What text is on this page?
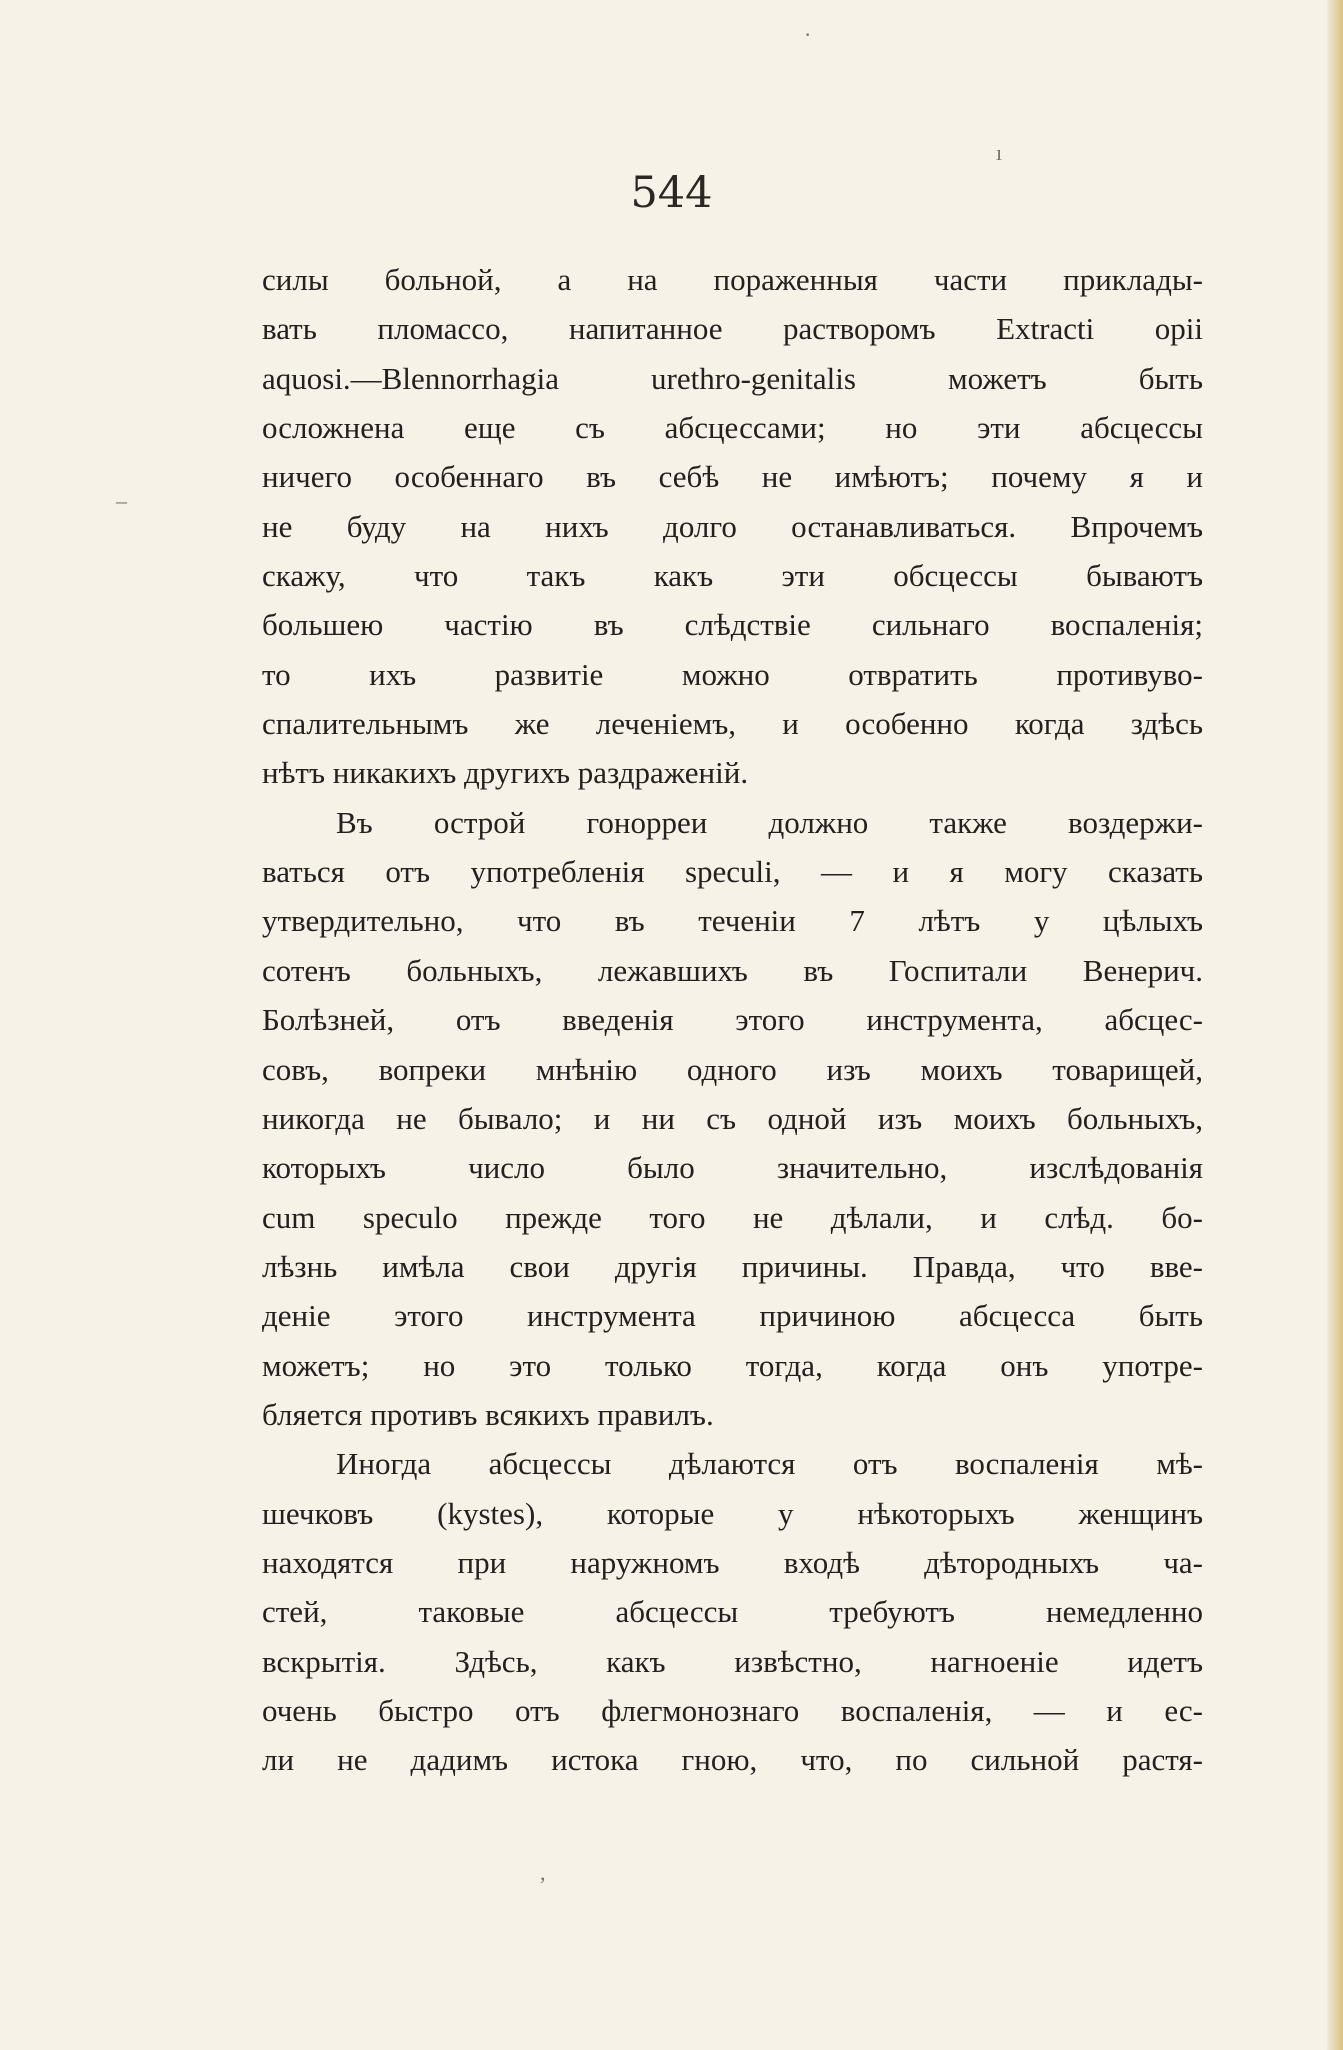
·
‒
ı
,
544
силы больной, а на пораженныя части приклады-
вать пломассо, напитанное растворомъ Extracti opii
aquosi.—Blennorrhagia urethro-genitalis можетъ быть
осложнена еще съ абсцессами; но эти абсцессы
ничего особеннаго въ себѣ не имѣютъ; почему я и
не буду на нихъ долго останавливаться. Впрочемъ
скажу, что такъ какъ эти обсцессы бываютъ
большею частію въ слѣдствіе сильнаго воспаленія;
то ихъ развитіе можно отвратить противуво-
спалительнымъ же леченіемъ, и особенно когда здѣсь
нѣтъ никакихъ другихъ раздраженій.
Въ острой гонорреи должно также воздержи-
ваться отъ употребленія speculi, — и я могу сказать
утвердительно, что въ теченіи 7 лѣтъ у цѣлыхъ
сотенъ больныхъ, лежавшихъ въ Госпитали Венерич.
Болѣзней, отъ введенія этого инструмента, абсцес-
совъ, вопреки мнѣнію одного изъ моихъ товарищей,
никогда не бывало; и ни съ одной изъ моихъ больныхъ,
которыхъ число было значительно, изслѣдованія
cum speculo прежде того не дѣлали, и слѣд. бо-
лѣзнь имѣла свои другія причины. Правда, что вве-
деніе этого инструмента причиною абсцесса быть
можетъ; но это только тогда, когда онъ употре-
бляется противъ всякихъ правилъ.
Иногда абсцессы дѣлаются отъ воспаленія мѣ-
шечковъ (kystes), которые у нѣкоторыхъ женщинъ
находятся при наружномъ входѣ дѣтородныхъ ча-
стей, таковые абсцессы требуютъ немедленно
вскрытія. Здѣсь, какъ извѣстно, нагноеніе идетъ
очень быстро отъ флегмонознаго воспаленія, — и ес-
ли не дадимъ истока гною, что, по сильной растя-
